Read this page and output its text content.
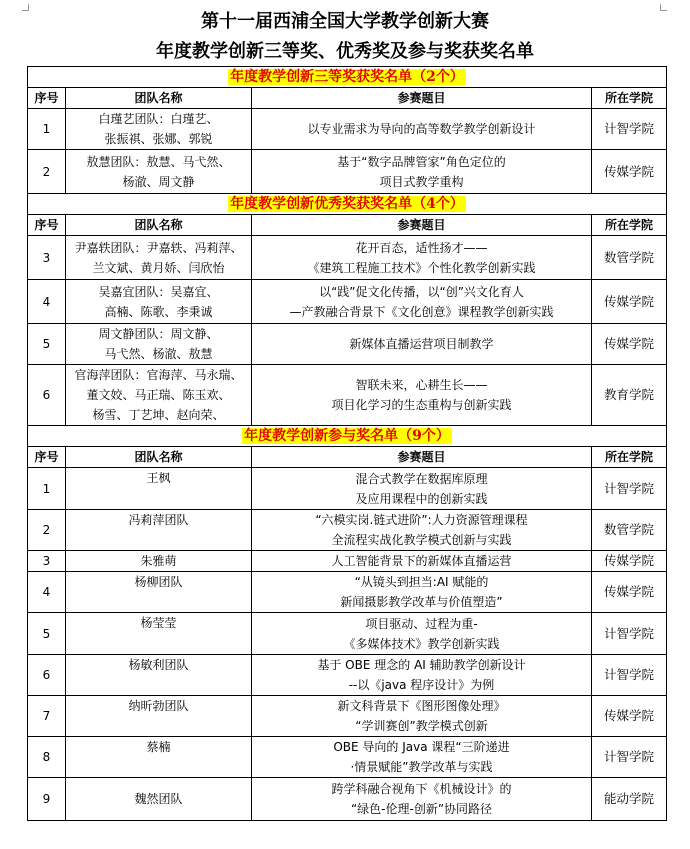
第十一届西浦全国大学教学创新大赛
年度教学创新三等奖、优秀奖及参与奖获奖名单
年度教学创新三等奖获奖名单（2个）			
序号	团队名称	参赛题目	所在学院
1	白瑾艺团队：白瑾艺、
张振祺、张娜、郭锐	以专业需求为导向的高等数学教学创新设计	计智学院
2	敖慧团队：敖慧、马弋然、
杨澈、周文静	基于“数字品牌管家”角色定位的
项目式教学重构	传媒学院
年度教学创新优秀奖获奖名单（4个）			
序号	团队名称	参赛题目	所在学院
3	尹嘉轶团队：尹嘉轶、冯莉萍、
兰文斌、黄月娇、闫欣怡	花开百态，适性扬才——
《建筑工程施工技术》个性化教学创新实践	数管学院
4	吴嘉宜团队：吴嘉宜、
高楠、陈歌、李秉诚	以“践”促文化传播，以“创”兴文化育人
—产教融合背景下《文化创意》课程教学创新实践	传媒学院
5	周文静团队：周文静、
马弋然、杨澈、敖慧	新媒体直播运营项目制教学	传媒学院
6	官海萍团队：官海萍、马永瑞、
董文姣、马正瑞、陈玉欢、
杨雪、丁艺坤、赵向荣、	智联未来，心耕生长——
项目化学习的生态重构与创新实践	教育学院
年度教学创新参与奖名单（9个）			
序号	团队名称	参赛题目	所在学院
1	王枫	混合式教学在数据库原理
及应用课程中的创新实践	计智学院
2	冯莉萍团队	“六模实岗.链式进阶”:人力资源管理课程
全流程实战化教学模式创新与实践	数管学院
3	朱雅萌	人工智能背景下的新媒体直播运营	传媒学院
4	杨柳团队	“从镜头到担当:AI 赋能的
新闻摄影教学改革与价值塑造”	传媒学院
5	杨莹莹	项目驱动、过程为重-
《多媒体技术》教学创新实践	计智学院
6	杨敏利团队	基于 OBE 理念的 AI 辅助教学创新设计
--以《java 程序设计》为例	计智学院
7	纳昕勃团队	新文科背景下《图形图像处理》
“学训赛创”教学模式创新	传媒学院
8	蔡楠	OBE 导向的 Java 课程“三阶递进
·情景赋能”教学改革与实践	计智学院
9	魏然团队	跨学科融合视角下《机械设计》的
“绿色-伦理-创新”协同路径	能动学院
